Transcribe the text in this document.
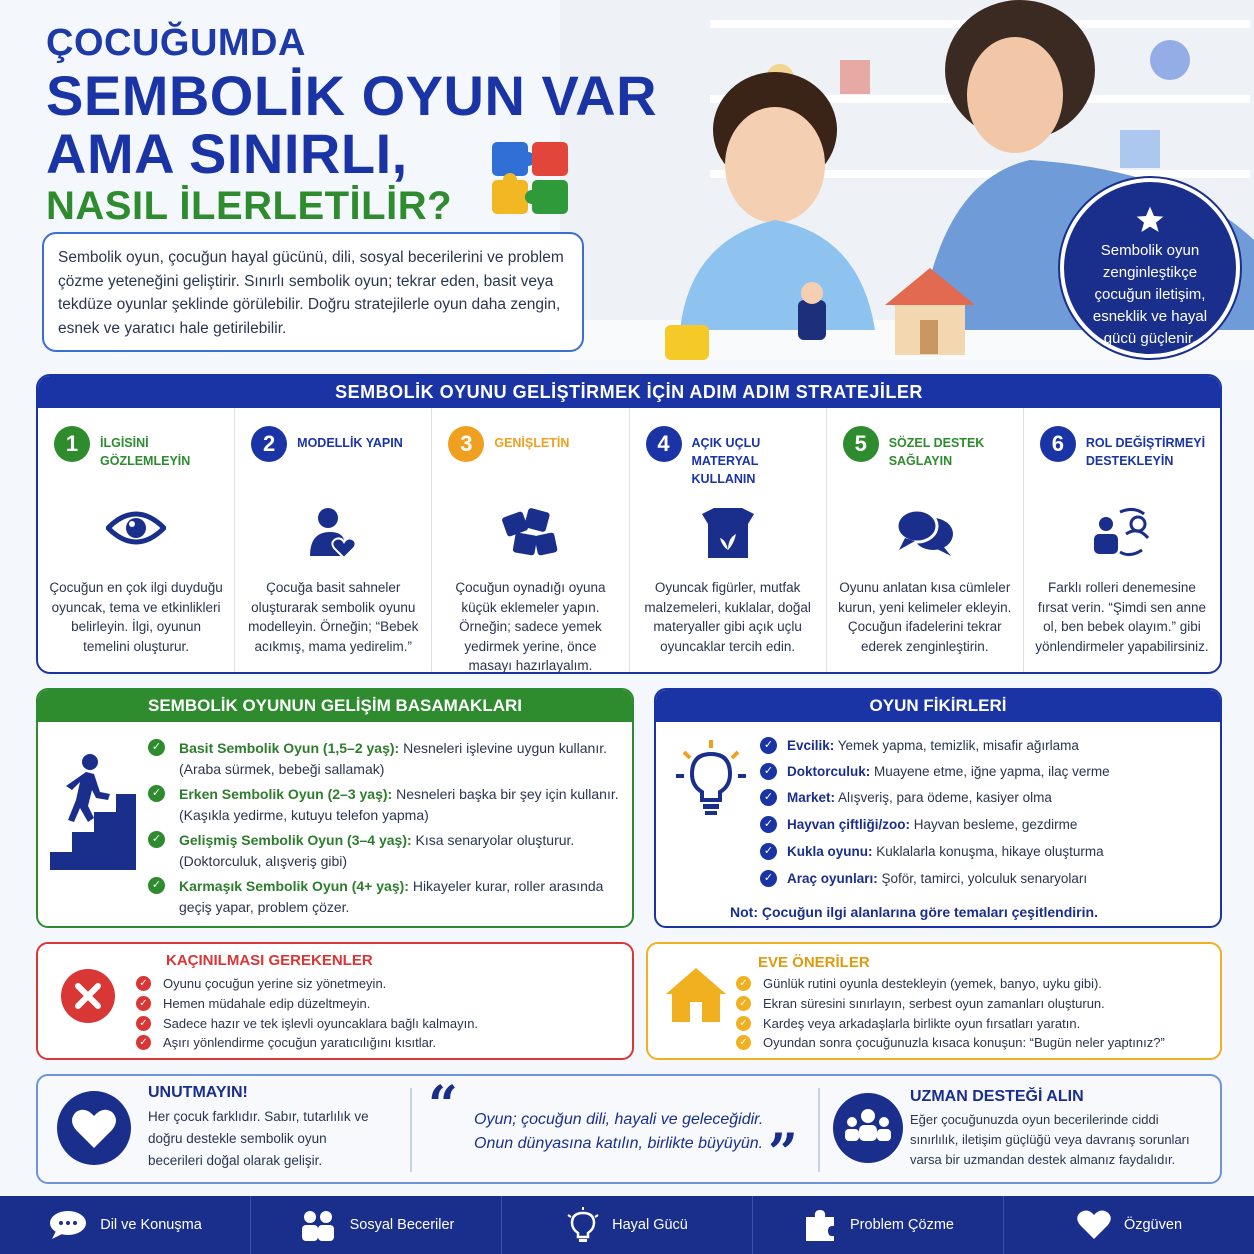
ÇOCUĞUMDA
SEMBOLİK OYUN VAR
AMA SINIRLI,
NASIL İLERLETİLİR?
Sembolik oyun, çocuğun hayal gücünü, dili, sosyal becerilerini ve problem çözme yeteneğini geliştirir. Sınırlı sembolik oyun; tekrar eden, basit veya tekdüze oyunlar şeklinde görülebilir. Doğru stratejilerle oyun daha zengin, esnek ve yaratıcı hale getirilebilir.
Sembolik oyun zenginleştikçe çocuğun iletişim, esneklik ve hayal gücü güçlenir.
SEMBOLİK OYUNU GELİŞTİRMEK İÇİN ADIM ADIM STRATEJİLER
1	İLGİSİNİ GÖZLEMLEYİN
Çocuğun en çok ilgi duyduğu oyuncak, tema ve etkinlikleri belirleyin. İlgi, oyunun temelini oluşturur.
2	MODELLİK YAPIN
Çocuğa basit sahneler oluşturarak sembolik oyunu modelleyin. Örneğin; “Bebek acıkmış, mama yedirelim.”
3	GENİŞLETİN
Çocuğun oynadığı oyuna küçük eklemeler yapın. Örneğin; sadece yemek yedirmek yerine, önce masayı hazırlayalım.
4	AÇIK UÇLU MATERYAL KULLANIN
Oyuncak figürler, mutfak malzemeleri, kuklalar, doğal materyaller gibi açık uçlu oyuncaklar tercih edin.
5	SÖZEL DESTEK SAĞLAYIN
Oyunu anlatan kısa cümleler kurun, yeni kelimeler ekleyin. Çocuğun ifadelerini tekrar ederek zenginleştirin.
6	ROL DEĞİŞTİRMEYİ DESTEKLEYİN
Farklı rolleri denemesine fırsat verin. “Şimdi sen anne ol, ben bebek olayım.” gibi yönlendirmeler yapabilirsiniz.
SEMBOLİK OYUNUN GELİŞİM BASAMAKLARI
✓ Basit Sembolik Oyun (1,5–2 yaş): Nesneleri işlevine uygun kullanır.
(Araba sürmek, bebeği sallamak)
✓ Erken Sembolik Oyun (2–3 yaş): Nesneleri başka bir şey için kullanır.
(Kaşıkla yedirme, kutuyu telefon yapma)
✓ Gelişmiş Sembolik Oyun (3–4 yaş): Kısa senaryolar oluşturur.
(Doktorculuk, alışveriş gibi)
✓ Karmaşık Sembolik Oyun (4+ yaş): Hikayeler kurar, roller arasında
geçiş yapar, problem çözer.
OYUN FİKİRLERİ
✓ Evcilik: Yemek yapma, temizlik, misafir ağırlama
✓ Doktorculuk: Muayene etme, iğne yapma, ilaç verme
✓ Market: Alışveriş, para ödeme, kasiyer olma
✓ Hayvan çiftliği/zoo: Hayvan besleme, gezdirme
✓ Kukla oyunu: Kuklalarla konuşma, hikaye oluşturma
✓ Araç oyunları: Şoför, tamirci, yolculuk senaryoları
Not: Çocuğun ilgi alanlarına göre temaları çeşitlendirin.
KAÇINILMASI GEREKENLER
✓ Oyunu çocuğun yerine siz yönetmeyin.
✓ Hemen müdahale edip düzeltmeyin.
✓ Sadece hazır ve tek işlevli oyuncaklara bağlı kalmayın.
✓ Aşırı yönlendirme çocuğun yaratıcılığını kısıtlar.
EVE ÖNERİLER
✓ Günlük rutini oyunla destekleyin (yemek, banyo, uyku gibi).
✓ Ekran süresini sınırlayın, serbest oyun zamanları oluşturun.
✓ Kardeş veya arkadaşlarla birlikte oyun fırsatları yaratın.
✓ Oyundan sonra çocuğunuzla kısaca konuşun: “Bugün neler yaptınız?”
UNUTMAYIN!
Her çocuk farklıdır. Sabır, tutarlılık ve doğru destekle sembolik oyun becerileri doğal olarak gelişir.
“ Oyun; çocuğun dili, hayali ve geleceğidir.
Onun dünyasına katılın, birlikte büyüyün. ”
UZMAN DESTEĞİ ALIN
Eğer çocuğunuzda oyun becerilerinde ciddi sınırlılık, iletişim güçlüğü veya davranış sorunları varsa bir uzmandan destek almanız faydalıdır.
Dil ve Konuşma	Sosyal Beceriler	Hayal Gücü	Problem Çözme	Özgüven
